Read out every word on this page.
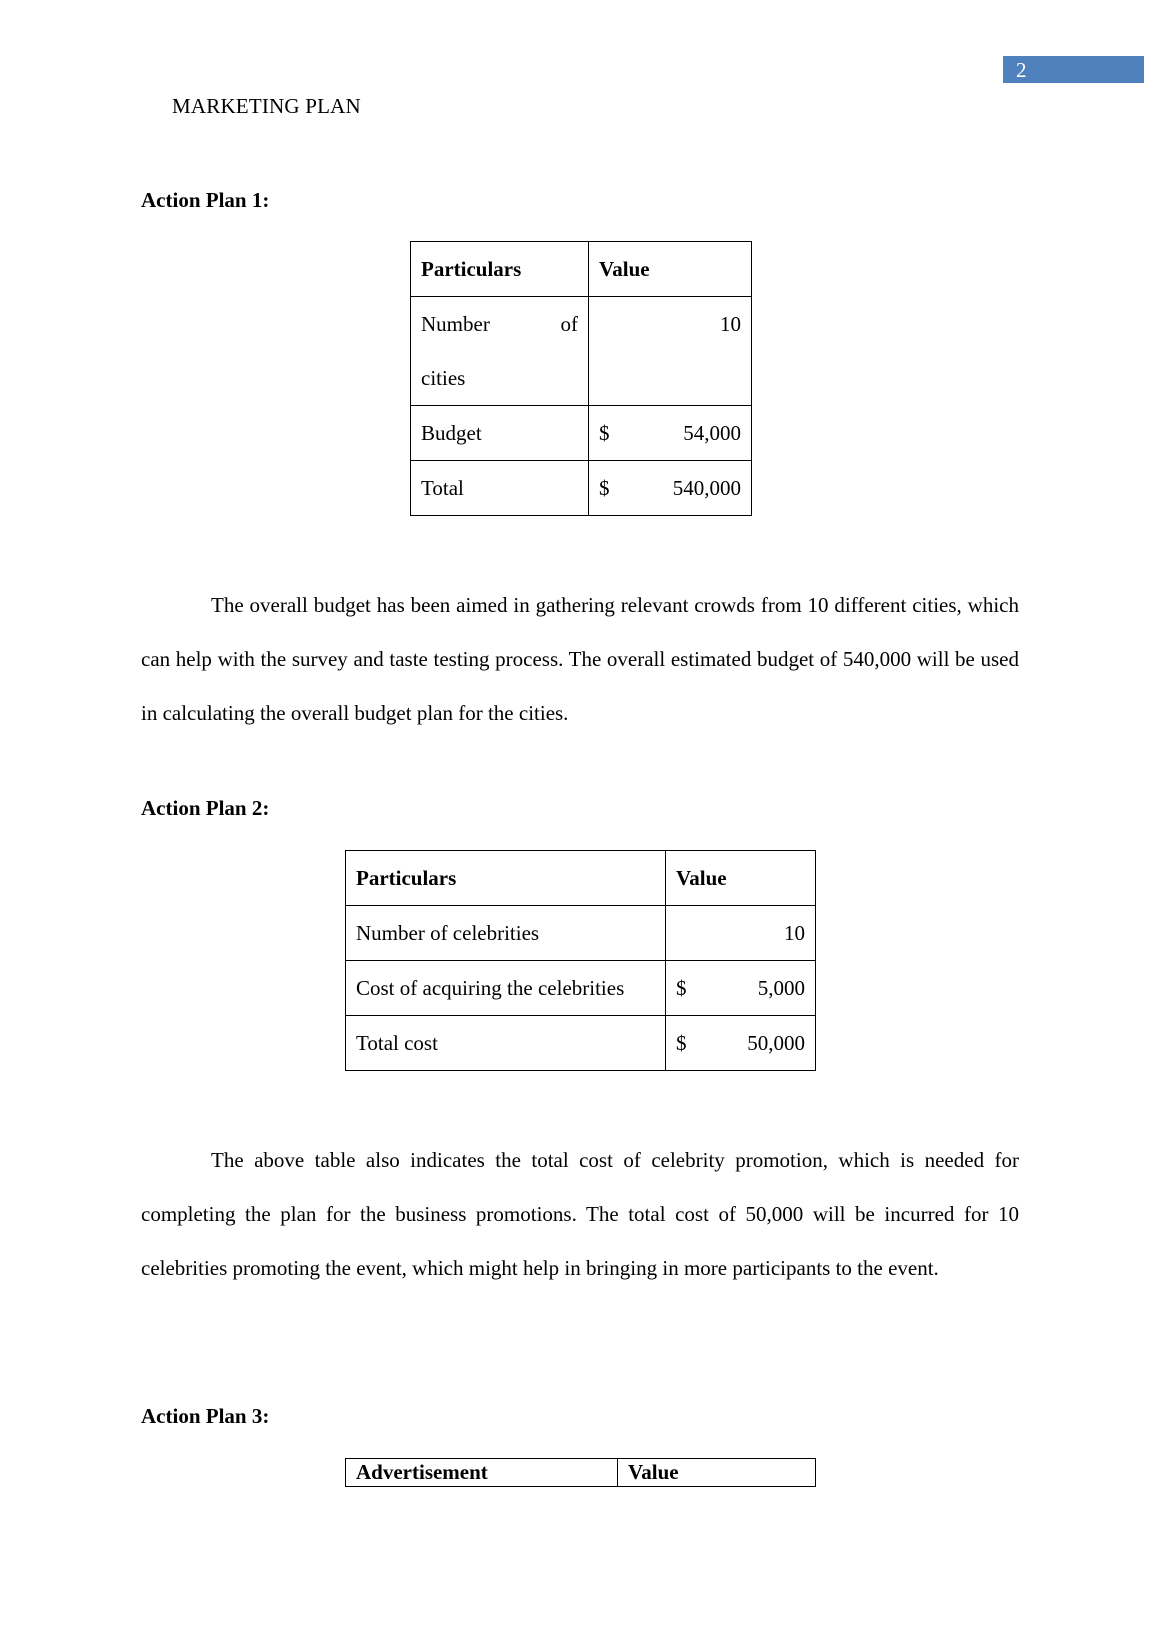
2
MARKETING PLAN
Action Plan 1:
Particulars	Value

Number of
cities	10
Budget	$ 54,000

Total	$ 540,000

The overall budget has been aimed in gathering relevant crowds from 10 different cities, which can help with the survey and taste testing process. The overall estimated budget of 540,000 will be used in calculating the overall budget plan for the cities.

Action Plan 2:
Particulars	Value
Number of celebrities	10
Cost of acquiring the celebrities	$ 5,000

Total cost	$ 50,000

The above table also indicates the total cost of celebrity promotion, which is needed for completing the plan for the business promotions. The total cost of 50,000 will be incurred for 10 celebrities promoting the event, which might help in bringing in more participants to the event.

Action Plan 3:
Advertisement	Value
